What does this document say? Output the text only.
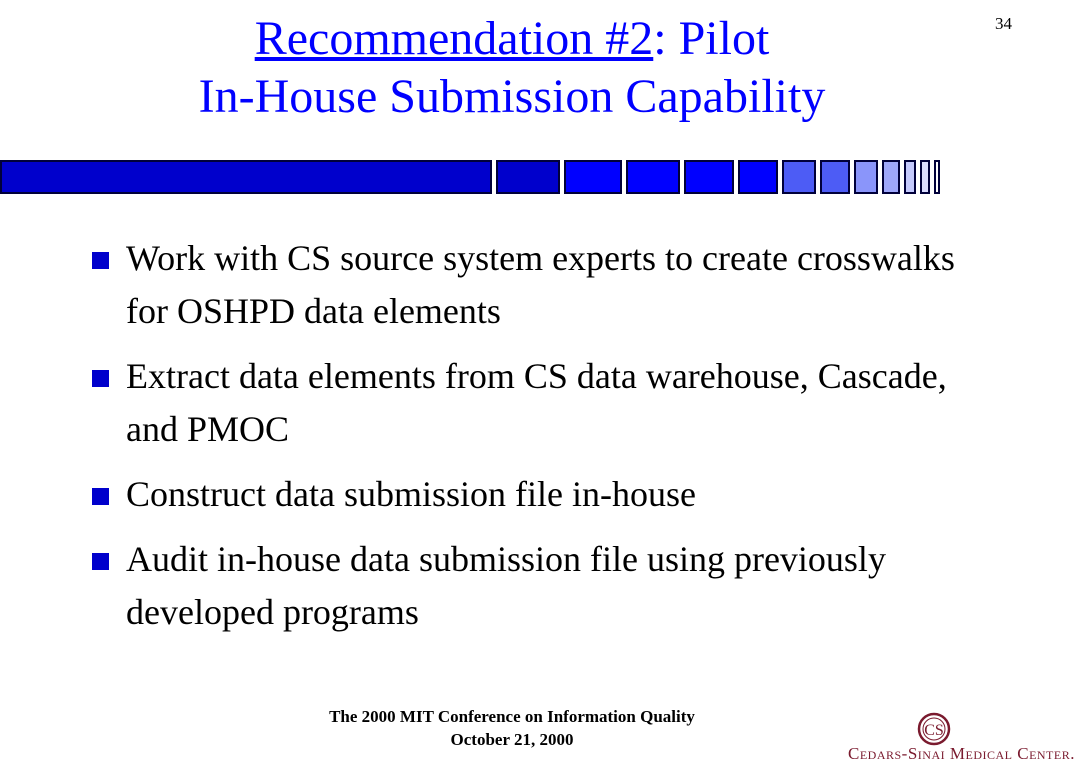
34
Recommendation #2: Pilot
In-House Submission Capability
Work with CS source system experts to create crosswalks for OSHPD data elements
Extract data elements from CS data warehouse, Cascade, and PMOC
Construct data submission file in-house
Audit in-house data submission file using previously developed programs
The 2000 MIT Conference on Information Quality
October 21, 2000	CS
Cedars-Sinai Medical Center.
